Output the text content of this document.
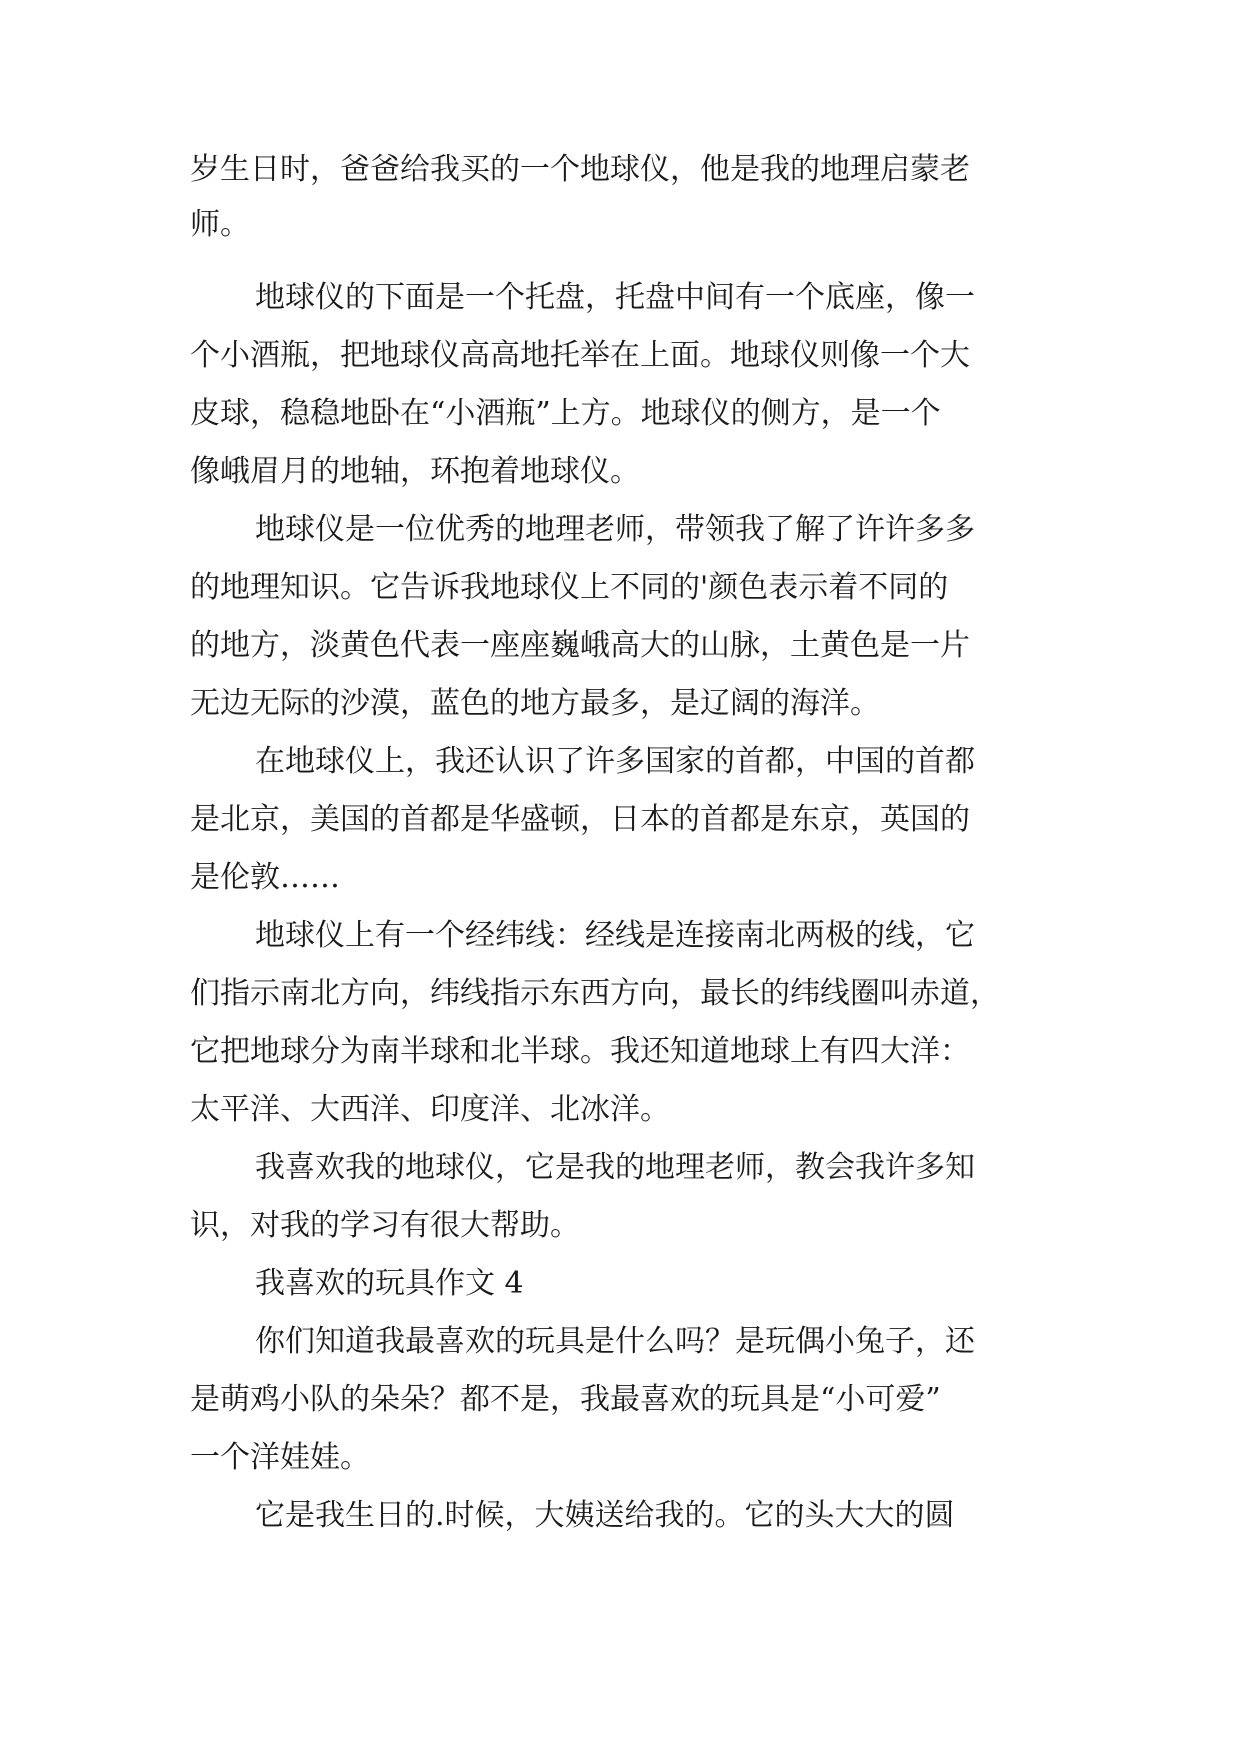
岁生日时，爸爸给我买的一个地球仪，他是我的地理启蒙老
师。
地球仪的下面是一个托盘，托盘中间有一个底座，像一
个小酒瓶，把地球仪高高地托举在上面。地球仪则像一个大
皮球，稳稳地卧在“小酒瓶”上方。地球仪的侧方，是一个
像峨眉月的地轴，环抱着地球仪。
地球仪是一位优秀的地理老师，带领我了解了许许多多
的地理知识。它告诉我地球仪上不同的'颜色表示着不同的
的地方，淡黄色代表一座座巍峨高大的山脉，土黄色是一片
无边无际的沙漠，蓝色的地方最多，是辽阔的海洋。
在地球仪上，我还认识了许多国家的首都，中国的首都
是北京，美国的首都是华盛顿，日本的首都是东京，英国的
是伦敦……
地球仪上有一个经纬线：经线是连接南北两极的线，它
们指示南北方向，纬线指示东西方向，最长的纬线圈叫赤道，
它把地球分为南半球和北半球。我还知道地球上有四大洋：
太平洋、大西洋、印度洋、北冰洋。
我喜欢我的地球仪，它是我的地理老师，教会我许多知
识，对我的学习有很大帮助。
我喜欢的玩具作文 4
你们知道我最喜欢的玩具是什么吗？是玩偶小兔子，还
是萌鸡小队的朵朵？都不是，我最喜欢的玩具是“小可爱”
一个洋娃娃。
它是我生日的.时候，大姨送给我的。它的头大大的圆
